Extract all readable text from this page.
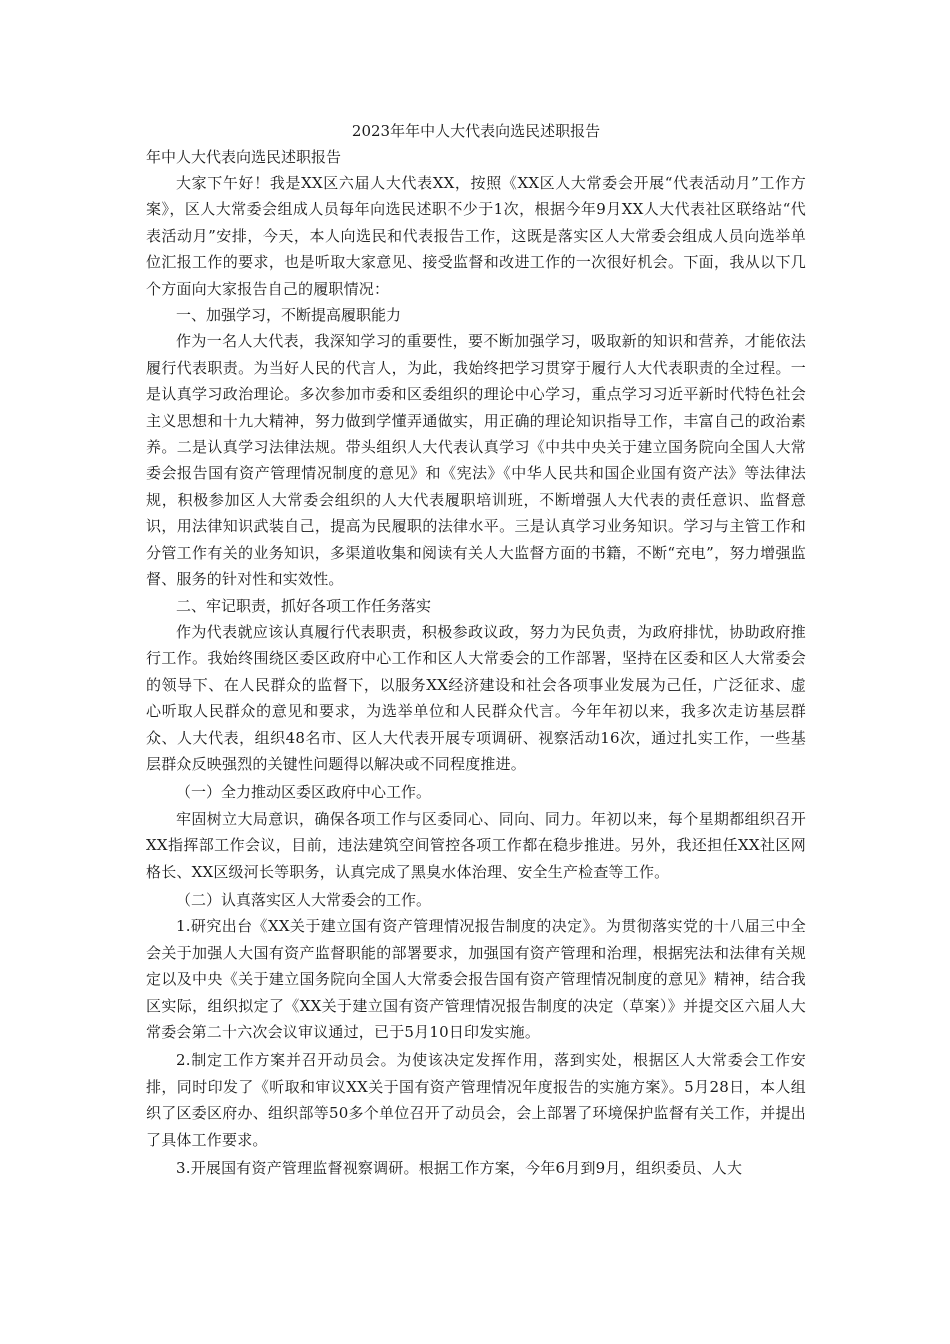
2023年年中人大代表向选民述职报告

年中人大代表向选民述职报告

大家下午好！我是XX区六届人大代表XX，按照《XX区人大常委会开展“代表活动月”工作方案》，区人大常委会组成人员每年向选民述职不少于1次，根据今年9月XX人大代表社区联络站“代表活动月”安排，今天，本人向选民和代表报告工作，这既是落实区人大常委会组成人员向选举单位汇报工作的要求，也是听取大家意见、接受监督和改进工作的一次很好机会。下面，我从以下几个方面向大家报告自己的履职情况：

一、加强学习，不断提高履职能力

作为一名人大代表，我深知学习的重要性，要不断加强学习，吸取新的知识和营养，才能依法履行代表职责。为当好人民的代言人，为此，我始终把学习贯穿于履行人大代表职责的全过程。一是认真学习政治理论。多次参加市委和区委组织的理论中心学习，重点学习习近平新时代特色社会主义思想和十九大精神，努力做到学懂弄通做实，用正确的理论知识指导工作，丰富自己的政治素养。二是认真学习法律法规。带头组织人大代表认真学习《中共中央关于建立国务院向全国人大常委会报告国有资产管理情况制度的意见》和《宪法》《中华人民共和国企业国有资产法》等法律法规，积极参加区人大常委会组织的人大代表履职培训班，不断增强人大代表的责任意识、监督意识，用法律知识武装自己，提高为民履职的法律水平。三是认真学习业务知识。学习与主管工作和分管工作有关的业务知识，多渠道收集和阅读有关人大监督方面的书籍，不断“充电”，努力增强监督、服务的针对性和实效性。

二、牢记职责，抓好各项工作任务落实

作为代表就应该认真履行代表职责，积极参政议政，努力为民负责，为政府排忧，协助政府推行工作。我始终围绕区委区政府中心工作和区人大常委会的工作部署，坚持在区委和区人大常委会的领导下、在人民群众的监督下，以服务XX经济建设和社会各项事业发展为己任，广泛征求、虚心听取人民群众的意见和要求，为选举单位和人民群众代言。今年年初以来，我多次走访基层群众、人大代表，组织48名市、区人大代表开展专项调研、视察活动16次，通过扎实工作，一些基层群众反映强烈的关键性问题得以解决或不同程度推进。

（一）全力推动区委区政府中心工作。

牢固树立大局意识，确保各项工作与区委同心、同向、同力。年初以来，每个星期都组织召开XX指挥部工作会议，目前，违法建筑空间管控各项工作都在稳步推进。另外，我还担任XX社区网格长、XX区级河长等职务，认真完成了黑臭水体治理、安全生产检查等工作。

（二）认真落实区人大常委会的工作。

1.研究出台《XX关于建立国有资产管理情况报告制度的决定》。为贯彻落实党的十八届三中全会关于加强人大国有资产监督职能的部署要求，加强国有资产管理和治理，根据宪法和法律有关规定以及中央《关于建立国务院向全国人大常委会报告国有资产管理情况制度的意见》精神，结合我区实际，组织拟定了《XX关于建立国有资产管理情况报告制度的决定（草案）》并提交区六届人大常委会第二十六次会议审议通过，已于5月10日印发实施。

2.制定工作方案并召开动员会。为使该决定发挥作用，落到实处，根据区人大常委会工作安排，同时印发了《听取和审议XX关于国有资产管理情况年度报告的实施方案》。5月28日，本人组织了区委区府办、组织部等50多个单位召开了动员会，会上部署了环境保护监督有关工作，并提出了具体工作要求。

3.开展国有资产管理监督视察调研。根据工作方案，今年6月到9月，组织委员、人大
